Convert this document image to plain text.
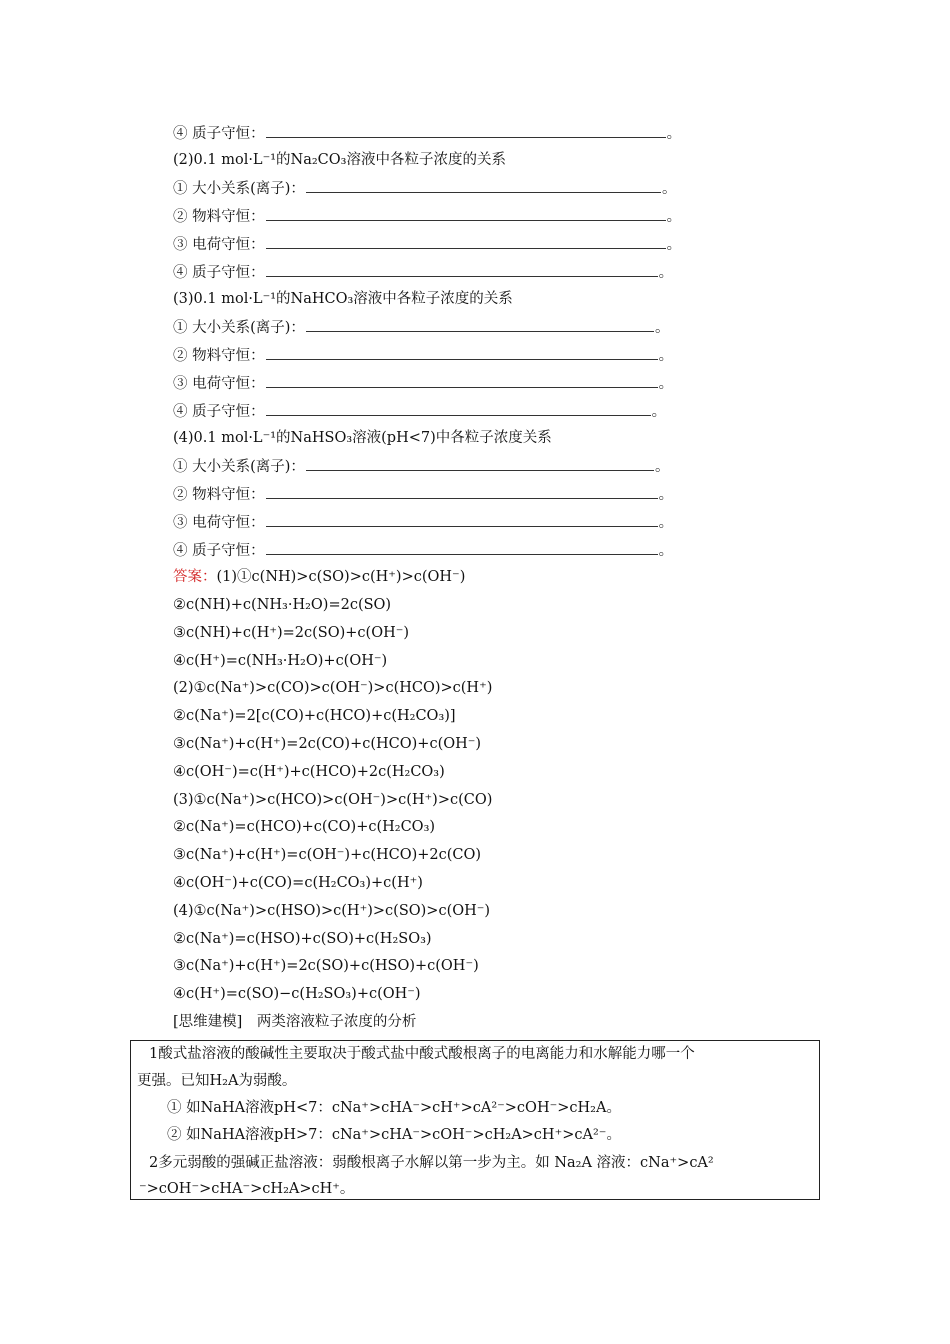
④ 质子守恒：	。
(2)0.1 mol·L⁻¹的Na₂CO₃溶液中各粒子浓度的关系
① 大小关系(离子)：	。
② 物料守恒：	。
③ 电荷守恒：	。
④ 质子守恒：	。
(3)0.1 mol·L⁻¹的NaHCO₃溶液中各粒子浓度的关系
① 大小关系(离子)：	。
② 物料守恒：	。
③ 电荷守恒：	。
④ 质子守恒：	。
(4)0.1 mol·L⁻¹的NaHSO₃溶液(pH<7)中各粒子浓度关系
① 大小关系(离子)：	。
② 物料守恒：	。
③ 电荷守恒：	。
④ 质子守恒：	。
答案：(1)①c(NH)>c(SO)>c(H⁺)>c(OH⁻)
②c(NH)+c(NH₃·H₂O)=2c(SO)
③c(NH)+c(H⁺)=2c(SO)+c(OH⁻)
④c(H⁺)=c(NH₃·H₂O)+c(OH⁻)
(2)①c(Na⁺)>c(CO)>c(OH⁻)>c(HCO)>c(H⁺)
②c(Na⁺)=2[c(CO)+c(HCO)+c(H₂CO₃)]
③c(Na⁺)+c(H⁺)=2c(CO)+c(HCO)+c(OH⁻)
④c(OH⁻)=c(H⁺)+c(HCO)+2c(H₂CO₃)
(3)①c(Na⁺)>c(HCO)>c(OH⁻)>c(H⁺)>c(CO)
②c(Na⁺)=c(HCO)+c(CO)+c(H₂CO₃)
③c(Na⁺)+c(H⁺)=c(OH⁻)+c(HCO)+2c(CO)
④c(OH⁻)+c(CO)=c(H₂CO₃)+c(H⁺)
(4)①c(Na⁺)>c(HSO)>c(H⁺)>c(SO)>c(OH⁻)
②c(Na⁺)=c(HSO)+c(SO)+c(H₂SO₃)
③c(Na⁺)+c(H⁺)=2c(SO)+c(HSO)+c(OH⁻)
④c(H⁺)=c(SO)−c(H₂SO₃)+c(OH⁻)
[思维建模]　两类溶液粒子浓度的分析
1酸式盐溶液的酸碱性主要取决于酸式盐中酸式酸根离子的电离能力和水解能力哪一个
更强。已知H₂A为弱酸。
① 如NaHA溶液pH<7：cNa⁺>cHA⁻>cH⁺>cA²⁻>cOH⁻>cH₂A。
② 如NaHA溶液pH>7：cNa⁺>cHA⁻>cOH⁻>cH₂A>cH⁺>cA²⁻。
2多元弱酸的强碱正盐溶液：弱酸根离子水解以第一步为主。如 Na₂A 溶液：cNa⁺>cA²
⁻>cOH⁻>cHA⁻>cH₂A>cH⁺。
